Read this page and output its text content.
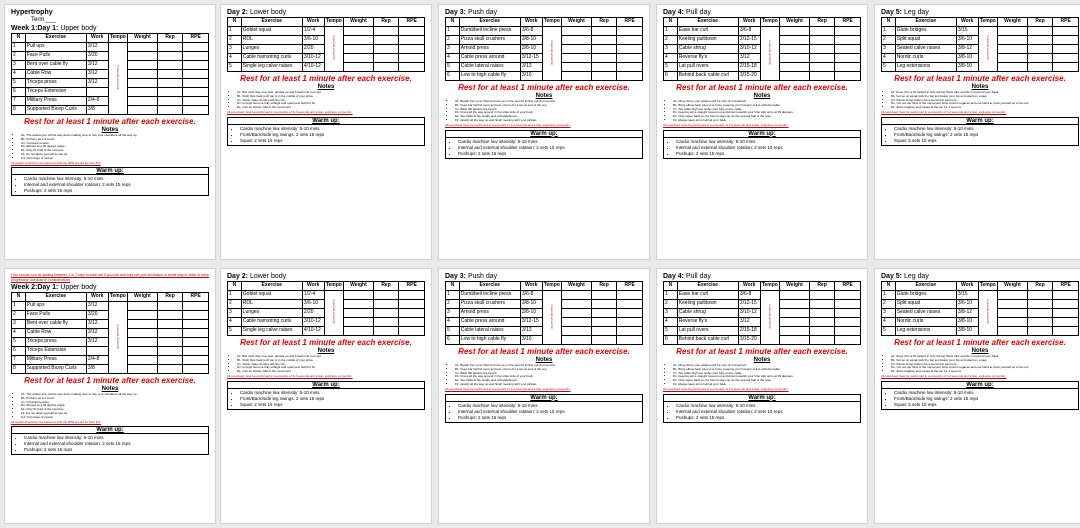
Hypertrophy
Term ___
Week 1:Day 1: Upper body
N	Exercise	Work	Tempo	Weight	Rep	RPE
1	Pull ups	3/12	3 second eccentric			
2	Face Pulls	3/20				
3	Bent over cable fly	3/12				
4	Cable Row	3/12				
5	Triceps press	3/12				
6	Triceps Extension					
7	Military Press	2/4-8				
8	Supported Bicep Curls	3/8				
Rest for at least 1 minute after each exercise.
Notes
• A1: The widest grip. All the way down making sure to rise your shoulders all the way up
• B1: Perform as a 3 count.
• C1: Constant tension.
• D1: Elbows at a 45 degree angle.
• E1: Only 5s hold of the exercise.
• F1: Do not allow yourself to rise up.
• G1: Full range of motion.
All weight should be completed so that the RPE should be from 8-9.
Warm up:
• Cardio machine low intensity: 5-10 mins
• Internal and external shoulder rotation: 2 sets 15 reps
• Pushups: 2 sets 15 reps
Day 2: Lower body
N	Exercise	Work	Tempo	Weight	Rep	RPE
1	Goblet squat	1/2-4	3 second eccentric			
2	RDL	3/6-10				
3	Lunges	2/20				
4	Cable hamstring curls	3/10-12				
5	Single leg calve raises	4/10-12				
Rest for at least 1 minute after each exercise.
Notes
• A1: Bar must stay over feet, elbows up and breath into your gut
• B1: Push hips back until bar is in the middle of your shins
• C1: Softly make contact with the bar
• D1: let legs become fully straight and quad sets hold for 3s
• E1: only do bottom half of the movement
All exercised must be performed in a eccentric of 3-4 seconds and a fast, explosive concentric.
Warm up:
• Cardio machine low intensity: 5-10 mins
• Front/Back/side leg swings: 2 sets 15 reps
• Squat: 2 sets 15 reps
Day 3: Push day
N	Exercise	Work	Tempo	Weight	Rep	RPE
1	Dumbbell incline press	3/6-8	3 second eccentric			
2	Pizza skull crushers	3/8-10				
3	Arnold press	3/8-10				
4	Cable press around	3/12-15				
5	Cable lateral raises	3/12				
6	Low to high cable fly	3/10				
Rest for at least 1 minute after each exercise.
Notes
• A1: Breath into your chest and set up on the second incline notch on bench
• B1: Keep bar behind eyes and rest of form for 1 sec at end of the rep
• C1: Back flat against the bench
• D1: Press all the way around in the other side of your body
• E1: Set cable at hip height and cuff attachment
• F1: stretch all the way up and finish meeting with your pinkies
All exercised must be performed in a eccentric of 3-4 seconds and a fast, explosive concentric.
Warm up:
• Cardio machine low intensity: 5-10 mins
• Internal and external shoulder rotation: 2 sets 15 reps
• Pushups: 2 sets 15 reps
Day 4: Pull day
N	Exercise	Work	Tempo	Weight	Rep	RPE
1	Ease bar curl	3/6-8	3 second eccentric			
2	Keeling pulldown	2/12-15				
3	Cable shrug	3/10-12				
4	Reverse fly's	3/12				
5	Lat pull overs	2/15-18				
6	Behind back cable curl	3/15-20				
Rest for at least 1 minute after each exercise.
Notes
• A1: Drive throw your pinkies and be sure of momentum
• B1: Bring elbow back past your torso, keeping your forearm in line with the cable
• C1: Set cable high just under your hips on the cable
• D1: keeping arms straight sweep out and down towards your hips with arms at 45 degrees
• E1: Only upper back on the bench and only do the second half of the reps
• F1: Always keep arms behind your back
All exercised must be performed in a eccentric of 3-4 seconds and a fast, explosive concentric.
Warm up:
• Cardio machine low intensity: 5-10 mins
• Internal and external shoulder rotation: 2 sets 15 reps
• Pushups: 2 sets 15 reps
Day 5: Leg day
N	Exercise	Work	Tempo	Weight	Rep	RPE
1	Glute bridges	3/15	3 second eccentric			
2	Split squat	3/6-10				
3	Seated calve raises	3/8-12				
4	Nordic curls	3/8-10				
5	Leg extensions	3/8-10				
Rest for at least 1 minute after each exercise.
Notes
• A1: Keep chin a bit tucked in only driving throw hips and do not extend your back
• B1: Set up on squat rack the bar just below your hip and stand on a step
• C1: Pause at the bottom for a second at each rep
• D1: Cut out top third of the movement slow control negative and use hand to push yourself up to the top
• E1: Slow negative and pause at the top for 1 second
All exercised must be performed in a eccentric of 3-4 seconds and a fast, explosive concentric.
Warm up:
• Cardio machine low intensity: 5-10 mins
• Front/Back/side leg swings: 2 sets 15 reps
• Squat: 2 sets 15 reps
(You should now be adding between 1 or 2 reps to each set if you can and improve your technique in some way in order to keep progressive overload in consideration)
Week 2:Day 1: Upper body
N	Exercise	Work	Tempo	Weight	Rep	RPE
1	Pull ups	3/12	3 second eccentric			
2	Face Pulls	3/20				
3	Bent over cable fly	3/12				
4	Cable Row	3/12				
5	Triceps press	3/12				
6	Triceps Extension					
7	Military Press	2/4-8				
8	Supported Bicep Curls	3/8				
Rest for at least 1 minute after each exercise.
Notes
• A1: The widest grip. All the way down making sure to rise your shoulders all the way up
• B1: Perform as a 3 count.
• C1: Constant tension.
• D1: Elbows at a 45 degree angle.
• E1: Only 5s hold of the exercise.
• F1: Do not allow yourself to rise up.
• G1: Full range of motion.
All weight should be completed so that the RPE should be from 8-9.
Warm up:
• Cardio machine low intensity: 5-10 mins
• Internal and external shoulder rotation: 2 sets 15 reps
• Pushups: 2 sets 15 reps
Day 2: Lower body
N	Exercise	Work	Tempo	Weight	Rep	RPE
1	Goblet squat	1/2-4	3 second eccentric			
2	RDL	3/6-10				
3	Lunges	2/20				
4	Cable hamstring curls	3/10-12				
5	Single leg calve raises	4/10-12				
Rest for at least 1 minute after each exercise.
Notes
• A1: Bar must stay over feet, elbows up and breath into your gut
• B1: Push hips back until bar is in the middle of your shins
• C1: Softly make contact with the bar
• D1: let legs become fully straight and quad sets hold for 3s
• E1: only do bottom half of the movement
All exercised must be performed in a eccentric of 3-4 seconds and a fast, explosive concentric.
Warm up:
• Cardio machine low intensity: 5-10 mins
• Front/Back/side leg swings: 2 sets 15 reps
• Squat: 2 sets 15 reps
Day 3: Push day
N	Exercise	Work	Tempo	Weight	Rep	RPE
1	Dumbbell incline press	3/6-8	3 second eccentric			
2	Pizza skull crushers	3/8-10				
3	Arnold press	3/8-10				
4	Cable press around	3/12-15				
5	Cable lateral raises	3/12				
6	Low to high cable fly	3/10				
Rest for at least 1 minute after each exercise.
Notes
• A1: Breath into your chest and set up on the second incline notch on bench
• B1: Keep bar behind eyes and rest of form for 1 sec at end of the rep
• C1: Back flat against the bench
• D1: Press all the way around in the other side of your body
• E1: Set cable at hip height and cuff attachment
• F1: stretch all the way up and finish meeting with your pinkies
All exercised must be performed in a eccentric of 3-4 seconds and a fast, explosive concentric.
Warm up:
• Cardio machine low intensity: 5-10 mins
• Internal and external shoulder rotation: 2 sets 15 reps
• Pushups: 2 sets 15 reps
Day 4: Pull day
N	Exercise	Work	Tempo	Weight	Rep	RPE
1	Ease bar curl	3/6-8	3 second eccentric			
2	Keeling pulldown	2/12-15				
3	Cable shrug	3/10-12				
4	Reverse fly's	3/12				
5	Lat pull overs	2/15-18				
6	Behind back cable curl	3/15-20				
Rest for at least 1 minute after each exercise.
Notes
• A1: Drive throw your pinkies and be sure of momentum
• B1: Bring elbow back past your torso, keeping your forearm in line with the cable
• C1: Set cable high just under your hips on the cable
• D1: keeping arms straight sweep out and down towards your hips with arms at 45 degrees
• E1: Only upper back on the bench and only do the second half of the reps
• F1: Always keep arms behind your back
All exercised must be performed in a eccentric of 3-4 seconds and a fast, explosive concentric.
Warm up:
• Cardio machine low intensity: 5-10 mins
• Internal and external shoulder rotation: 2 sets 15 reps
• Pushups: 2 sets 15 reps
Day 5: Leg day
N	Exercise	Work	Tempo	Weight	Rep	RPE
1	Glute bridges	3/15	3 second eccentric			
2	Split squat	3/6-10				
3	Seated calve raises	3/8-12				
4	Nordic curls	3/8-10				
5	Leg extensions	3/8-10				
Rest for at least 1 minute after each exercise.
Notes
• A1: Keep chin a bit tucked in only driving throw hips and do not extend your back
• B1: Set up on squat rack the bar just below your hip and stand on a step
• C1: Pause at the bottom for a second at each rep
• D1: Cut out top third of the movement slow control negative and use hand to push yourself up to the top
• E1: Slow negative and pause at the top for 1 second
All exercised must be performed in a eccentric of 3-4 seconds and a fast, explosive concentric.
Warm up:
• Cardio machine low intensity: 5-10 mins
• Front/Back/side leg swings: 2 sets 15 reps
• Squat: 2 sets 15 reps
